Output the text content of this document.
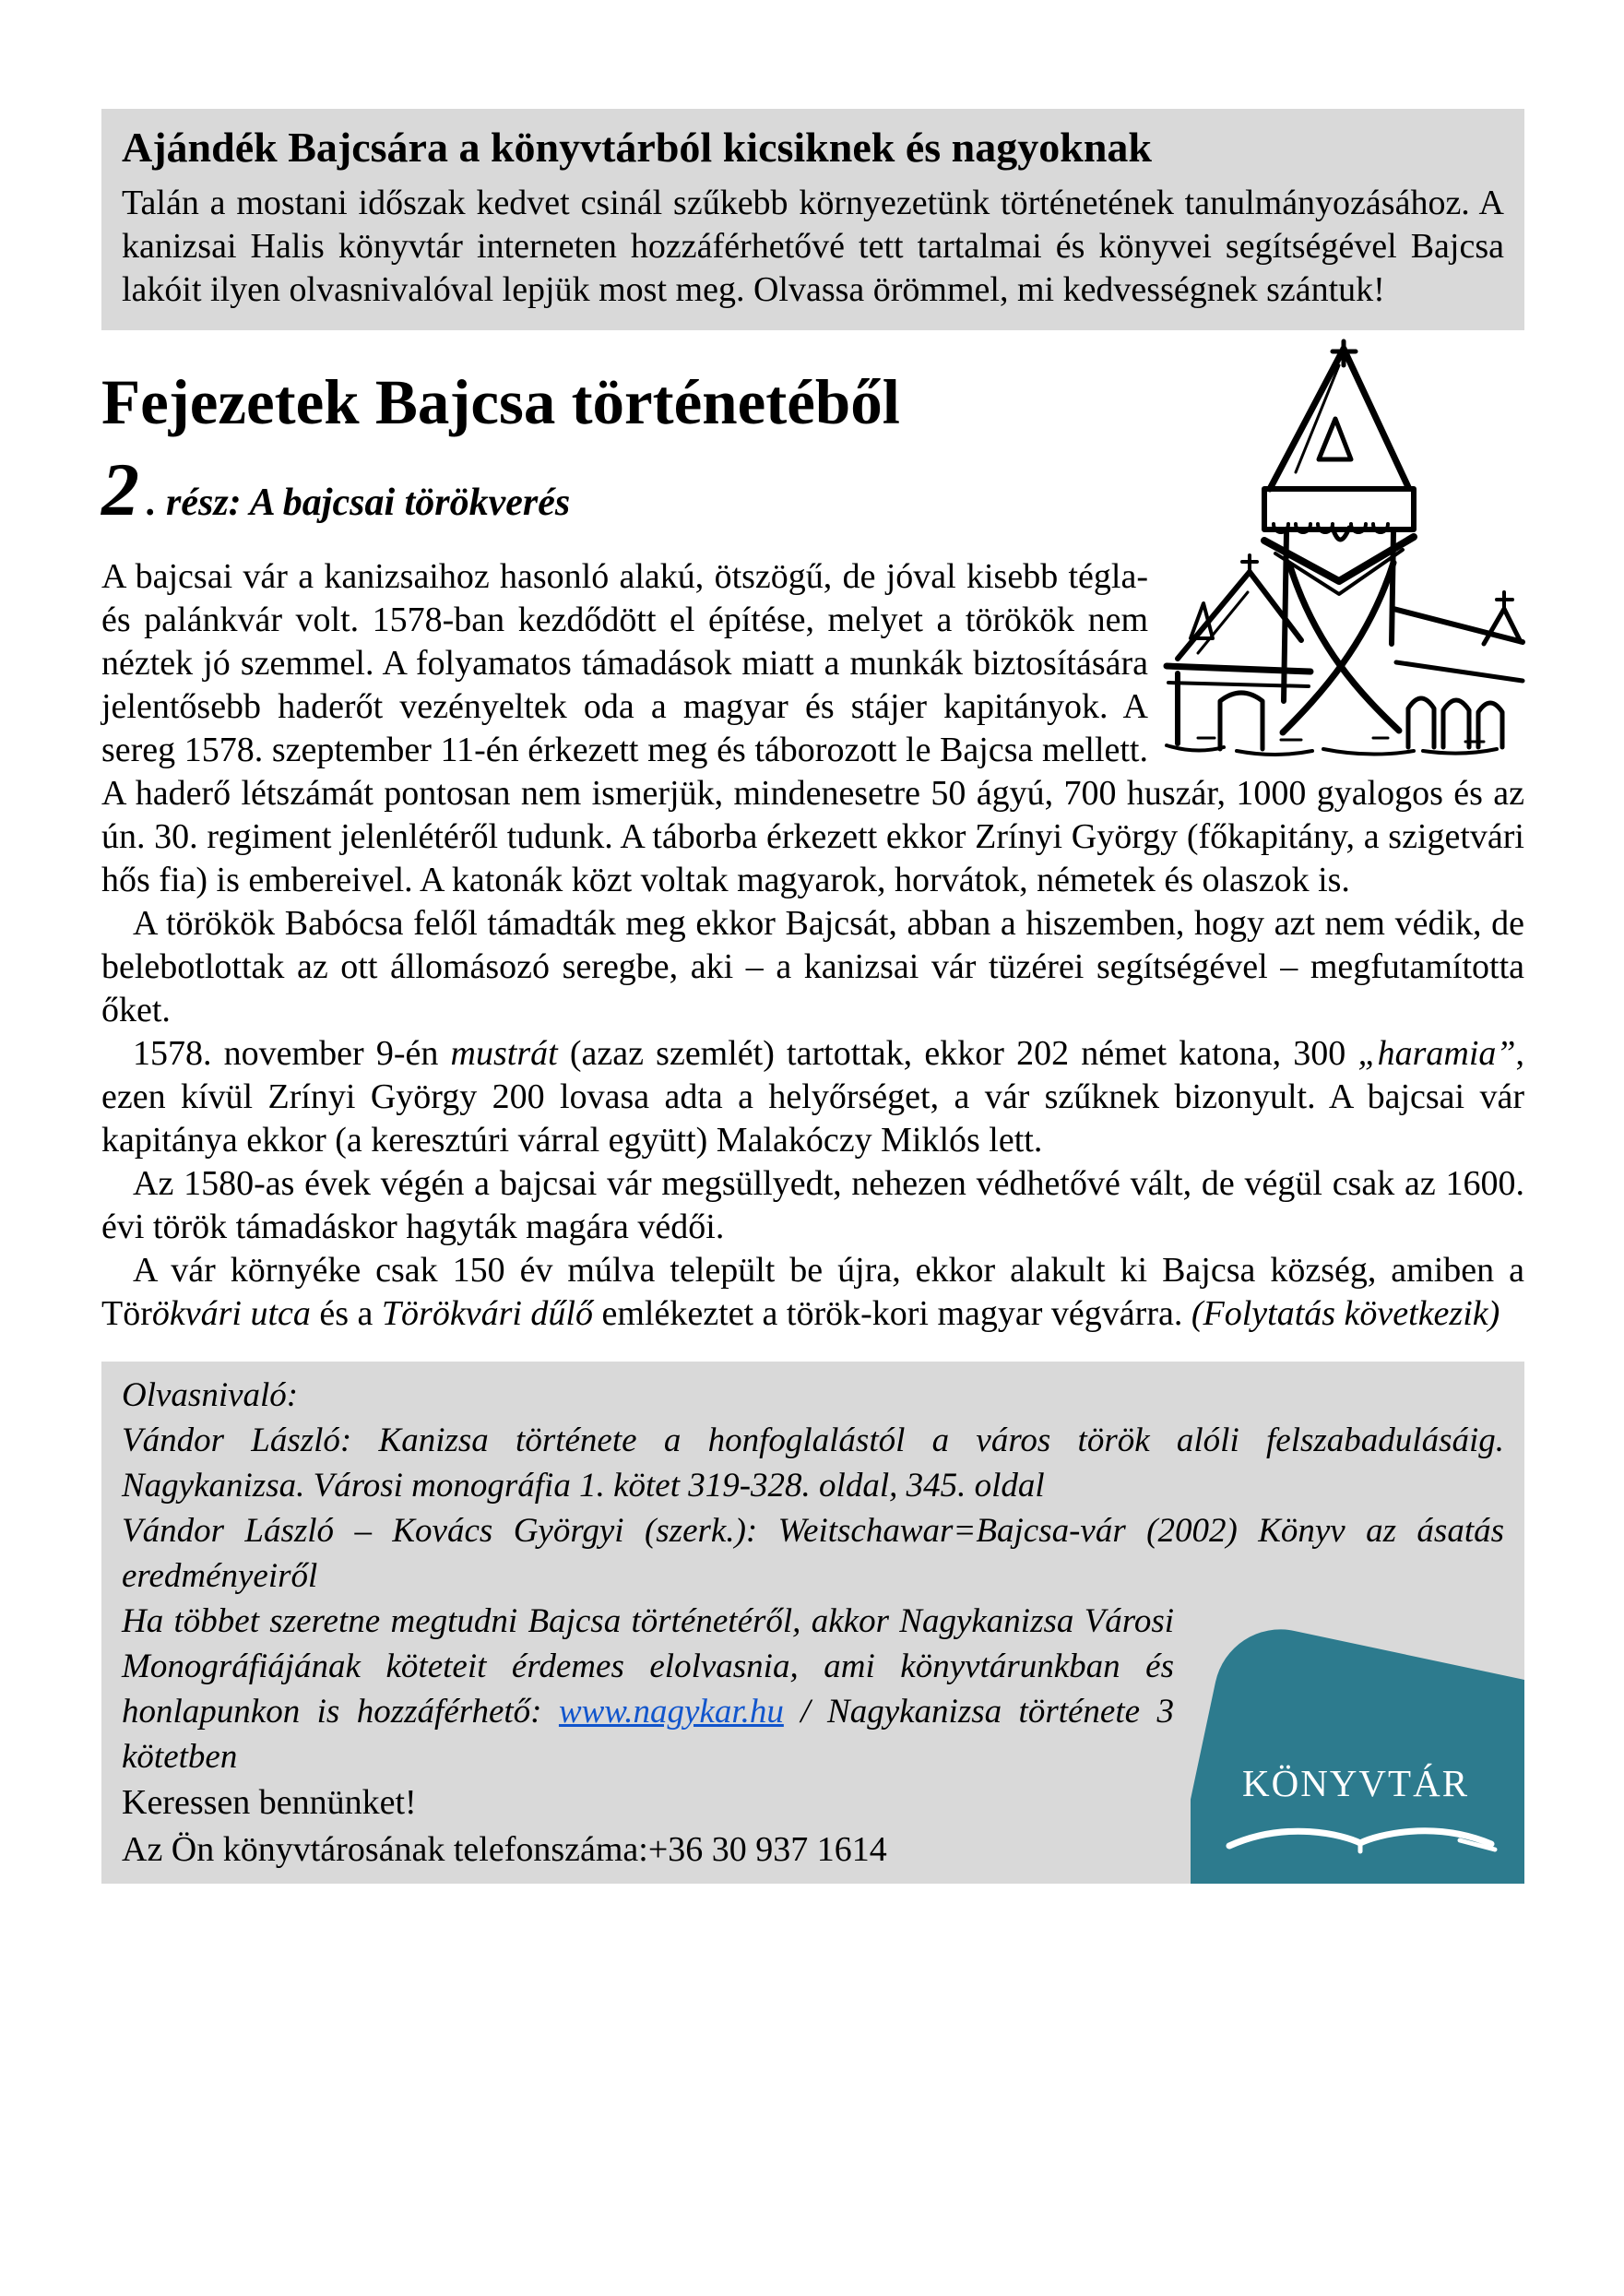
Ajándék Bajcsára a könyvtárból kicsiknek és nagyoknak

Talán a mostani időszak kedvet csinál szűkebb környezetünk történetének tanulmányozásához. A kanizsai Halis könyvtár interneten hozzáférhetővé tett tartalmai és könyvei segítségével Bajcsa lakóit ilyen olvasnivalóval lepjük most meg. Olvassa örömmel, mi kedvességnek szántuk!

Fejezetek Bajcsa történetéből
2 . rész: A bajcsai törökverés

A bajcsai vár a kanizsaihoz hasonló alakú, ötszögű, de jóval kisebb tégla- és palánkvár volt. 1578-ban kezdődött el építése, melyet a törökök nem néztek jó szemmel. A folyamatos támadások miatt a munkák biztosítására jelentősebb haderőt vezényeltek oda a magyar és stájer kapitányok. A sereg 1578. szeptember 11-én érkezett meg és táborozott le Bajcsa mellett. A haderő létszámát pontosan nem ismerjük, mindenesetre 50 ágyú, 700 huszár, 1000 gyalogos és az ún. 30. regiment jelenlétéről tudunk. A táborba érkezett ekkor Zrínyi György (főkapitány, a szigetvári hős fia) is embereivel. A katonák közt voltak magyarok, horvátok, németek és olaszok is.

A törökök Babócsa felől támadták meg ekkor Bajcsát, abban a hiszemben, hogy azt nem védik, de belebotlottak az ott állomásozó seregbe, aki – a kanizsai vár tüzérei segítségével – megfutamította őket.

1578. november 9-én mustrát (azaz szemlét) tartottak, ekkor 202 német katona, 300 „haramia”, ezen kívül Zrínyi György 200 lovasa adta a helyőrséget, a vár szűknek bizonyult. A bajcsai vár kapitánya ekkor (a keresztúri várral együtt) Malakóczy Miklós lett.

Az 1580-as évek végén a bajcsai vár megsüllyedt, nehezen védhetővé vált, de végül csak az 1600. évi török támadáskor hagyták magára védői.

A vár környéke csak 150 év múlva települt be újra, ekkor alakult ki Bajcsa község, amiben a Törökvári utca és a Törökvári dűlő emlékeztet a török-kori magyar végvárra. (Folytatás következik)

Olvasnivaló:

Vándor László: Kanizsa története a honfoglalástól a város török alóli felszabadulásáig. Nagykanizsa. Városi monográfia 1. kötet 319-328. oldal, 345. oldal

Vándor László – Kovács Györgyi (szerk.): Weitschawar=Bajcsa-vár (2002) Könyv az ásatás eredményeiről

KÖNYVTÁR

Ha többet szeretne megtudni Bajcsa történetéről, akkor Nagykanizsa Városi Monográfiájának köteteit érdemes elolvasnia, ami könyvtárunkban és honlapunkon is hozzáférhető: www.nagykar.hu / Nagykanizsa története 3 kötetben

Keressen bennünket!

Az Ön könyvtárosának telefonszáma:+36 30 937 1614
